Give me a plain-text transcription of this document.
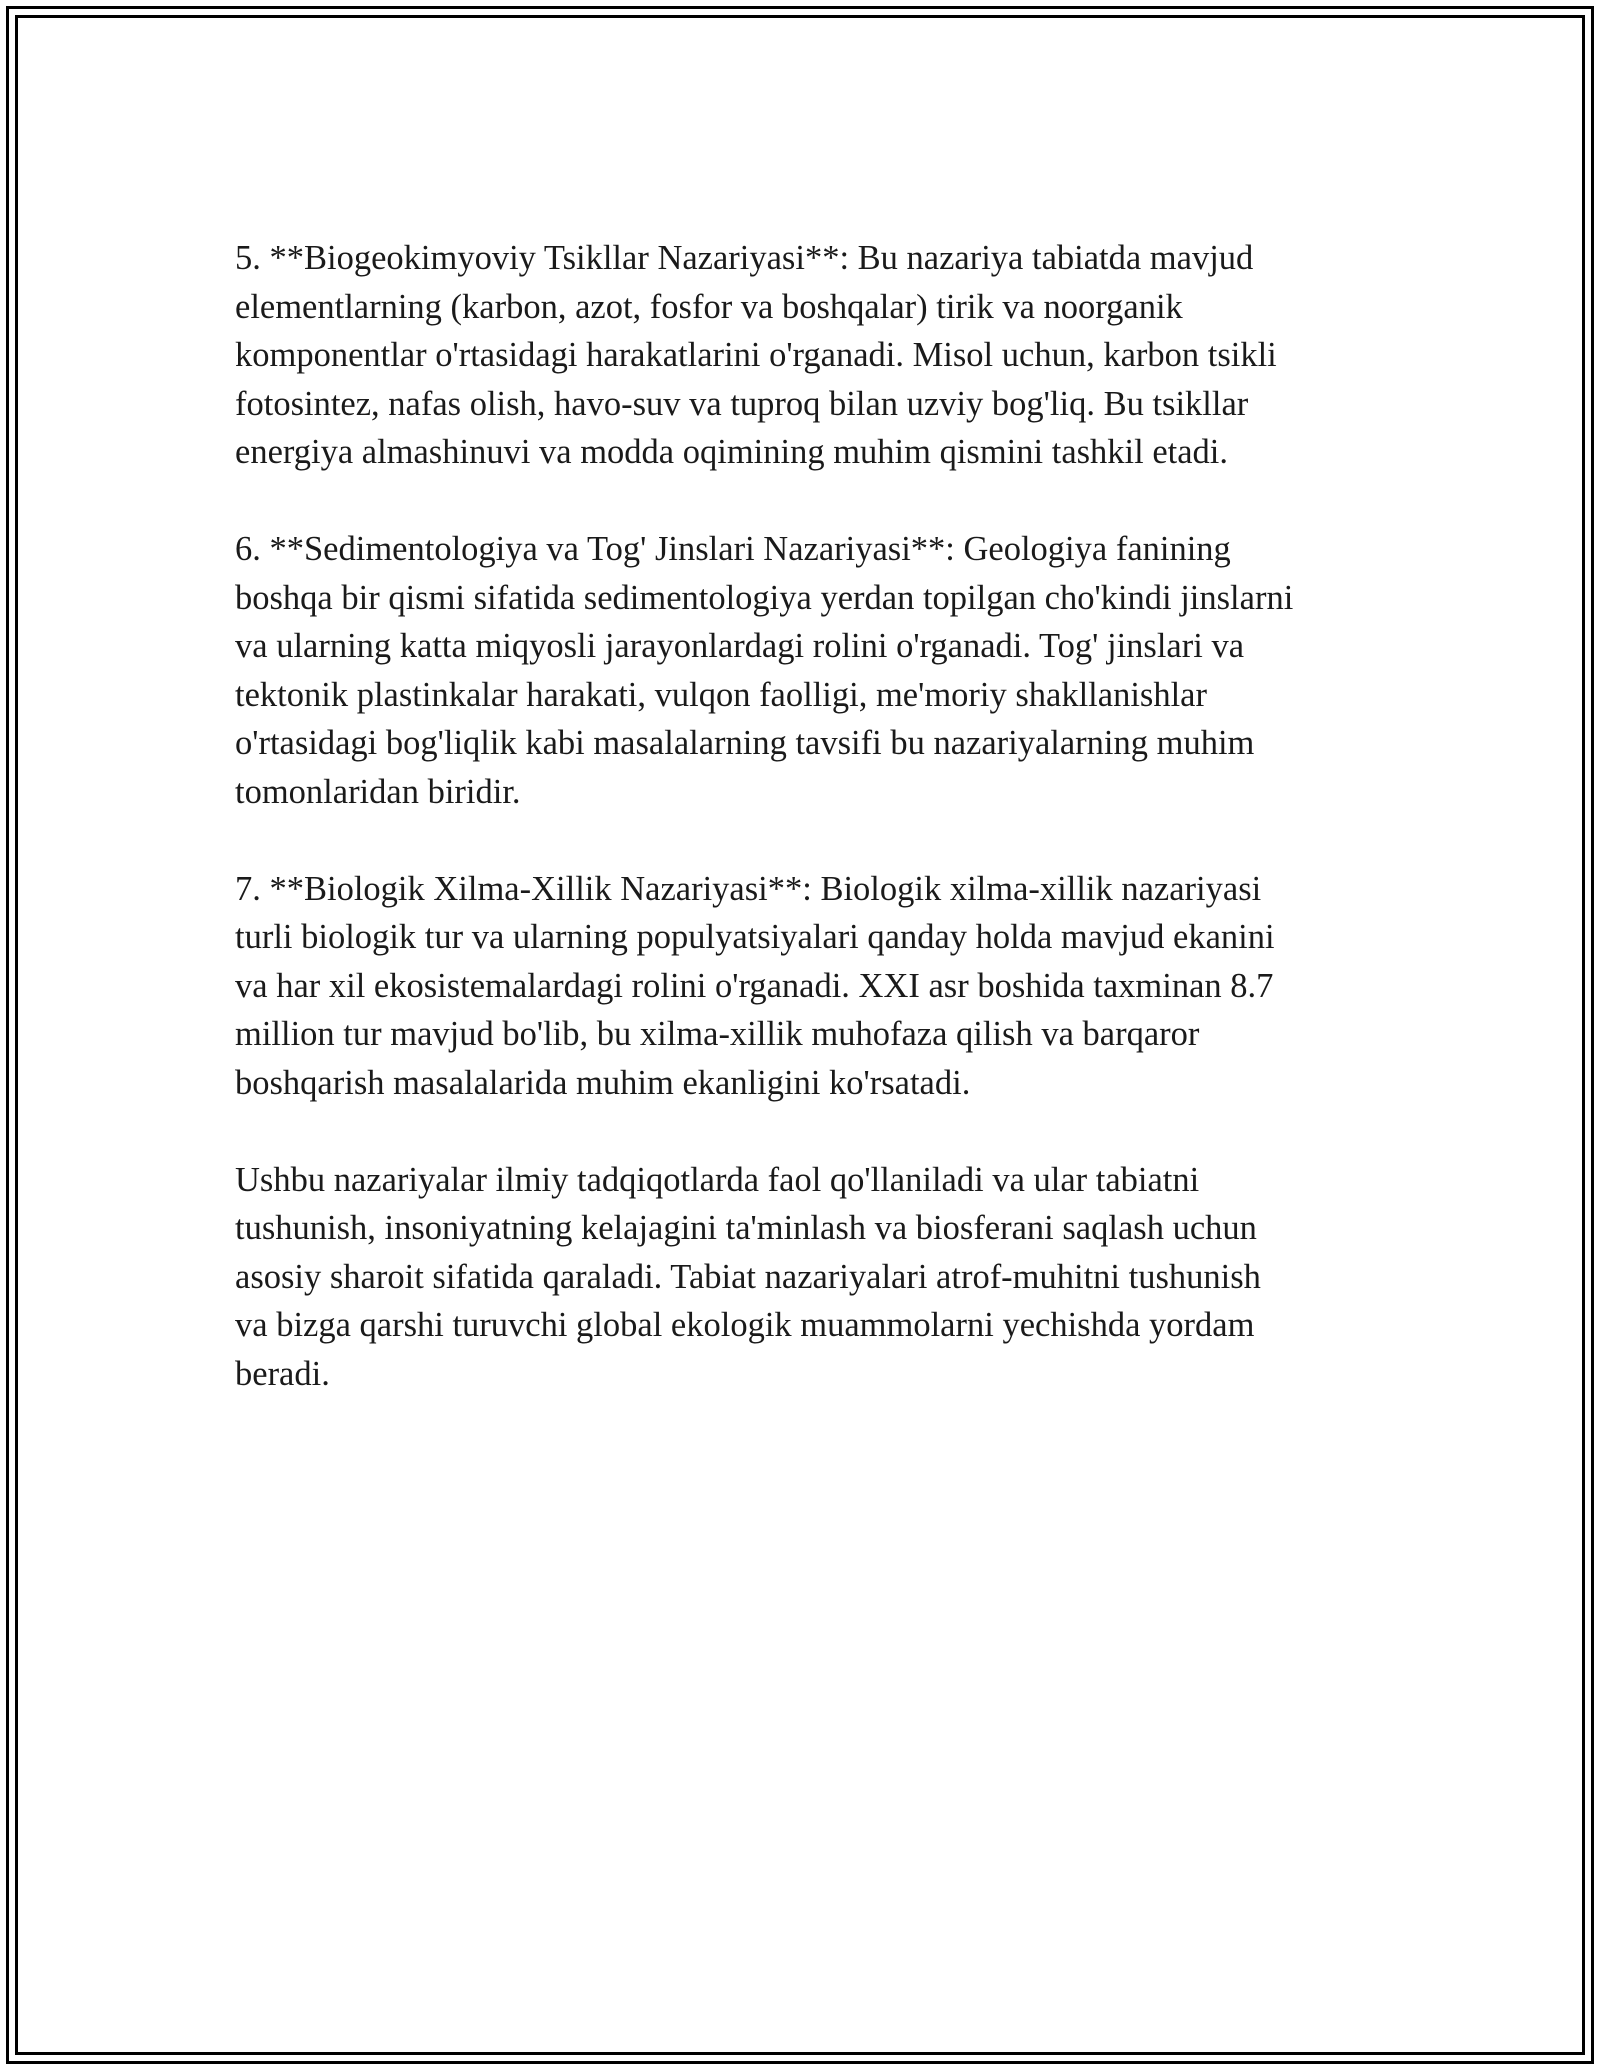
5. **Biogeokimyoviy Tsikllar Nazariyasi**: Bu nazariya tabiatda mavjud
elementlarning (karbon, azot, fosfor va boshqalar) tirik va noorganik
komponentlar o'rtasidagi harakatlarini o'rganadi. Misol uchun, karbon tsikli
fotosintez, nafas olish, havo-suv va tuproq bilan uzviy bog'liq. Bu tsikllar
energiya almashinuvi va modda oqimining muhim qismini tashkil etadi.

6. **Sedimentologiya va Tog' Jinslari Nazariyasi**: Geologiya fanining
boshqa bir qismi sifatida sedimentologiya yerdan topilgan cho'kindi jinslarni
va ularning katta miqyosli jarayonlardagi rolini o'rganadi. Tog' jinslari va
tektonik plastinkalar harakati, vulqon faolligi, me'moriy shakllanishlar
o'rtasidagi bog'liqlik kabi masalalarning tavsifi bu nazariyalarning muhim
tomonlaridan biridir.

7. **Biologik Xilma-Xillik Nazariyasi**: Biologik xilma-xillik nazariyasi
turli biologik tur va ularning populyatsiyalari qanday holda mavjud ekanini
va har xil ekosistemalardagi rolini o'rganadi. XXI asr boshida taxminan 8.7
million tur mavjud bo'lib, bu xilma-xillik muhofaza qilish va barqaror
boshqarish masalalarida muhim ekanligini ko'rsatadi.

Ushbu nazariyalar ilmiy tadqiqotlarda faol qo'llaniladi va ular tabiatni
tushunish, insoniyatning kelajagini ta'minlash va biosferani saqlash uchun
asosiy sharoit sifatida qaraladi. Tabiat nazariyalari atrof-muhitni tushunish
va bizga qarshi turuvchi global ekologik muammolarni yechishda yordam
beradi.
